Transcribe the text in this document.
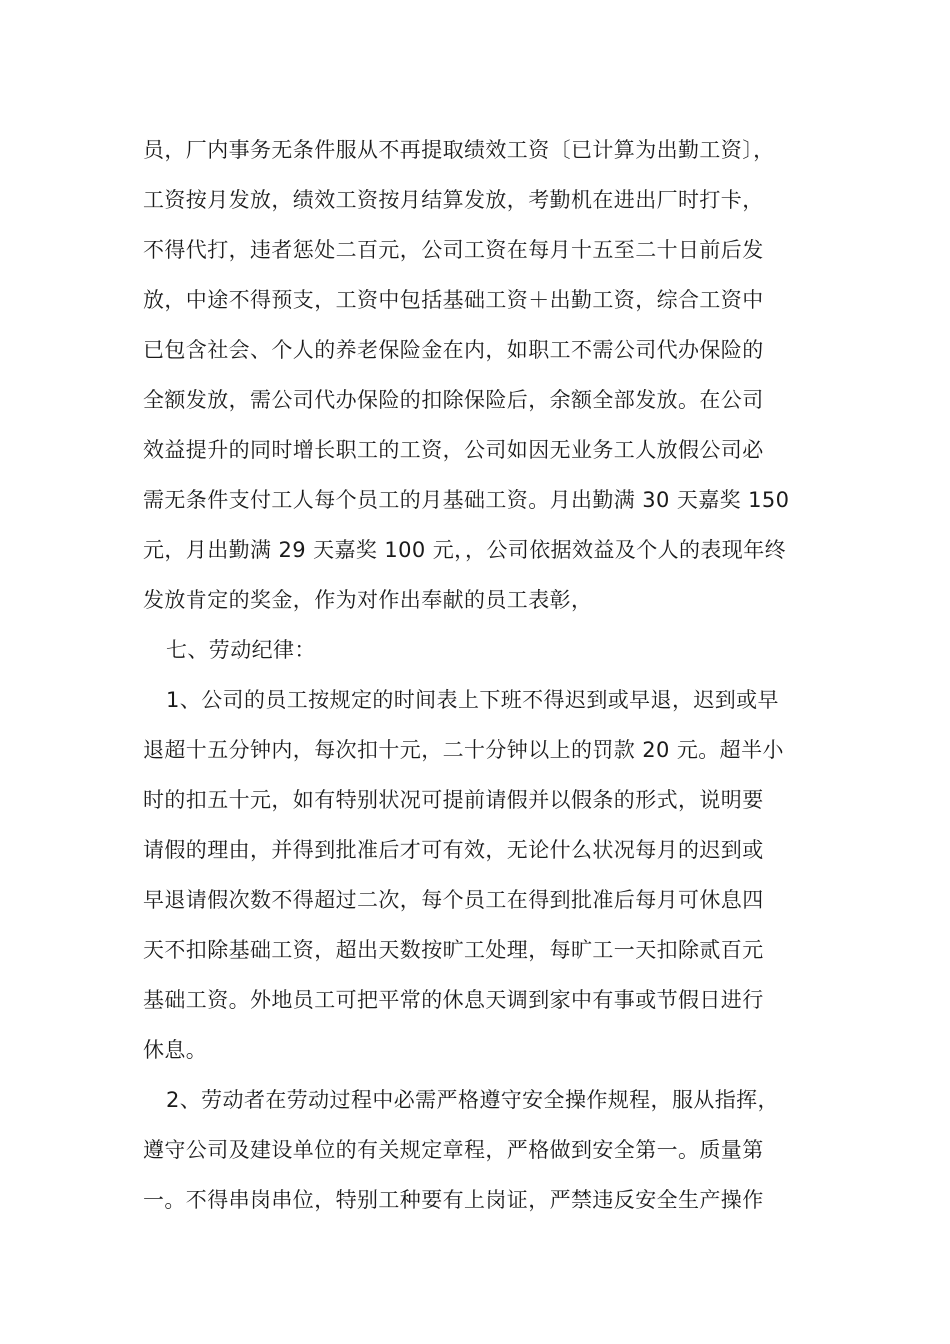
员，厂内事务无条件服从不再提取绩效工资〔已计算为出勤工资〕，
工资按月发放，绩效工资按月结算发放，考勤机在进出厂时打卡，
不得代打，违者惩处二百元，公司工资在每月十五至二十日前后发
放，中途不得预支，工资中包括基础工资＋出勤工资，综合工资中
已包含社会、个人的养老保险金在内，如职工不需公司代办保险的
全额发放，需公司代办保险的扣除保险后，余额全部发放。在公司
效益提升的同时增长职工的工资，公司如因无业务工人放假公司必
需无条件支付工人每个员工的月基础工资。月出勤满 30 天嘉奖 150
元，月出勤满 29 天嘉奖 100 元，，公司依据效益及个人的表现年终
发放肯定的奖金，作为对作出奉献的员工表彰，
七、劳动纪律：
1、公司的员工按规定的时间表上下班不得迟到或早退，迟到或早
退超十五分钟内，每次扣十元，二十分钟以上的罚款 20 元。超半小
时的扣五十元，如有特别状况可提前请假并以假条的形式，说明要
请假的理由，并得到批准后才可有效，无论什么状况每月的迟到或
早退请假次数不得超过二次，每个员工在得到批准后每月可休息四
天不扣除基础工资，超出天数按旷工处理，每旷工一天扣除贰百元
基础工资。外地员工可把平常的休息天调到家中有事或节假日进行
休息。
2、劳动者在劳动过程中必需严格遵守安全操作规程，服从指挥，
遵守公司及建设单位的有关规定章程，严格做到安全第一。质量第
一。不得串岗串位，特别工种要有上岗证，严禁违反安全生产操作
